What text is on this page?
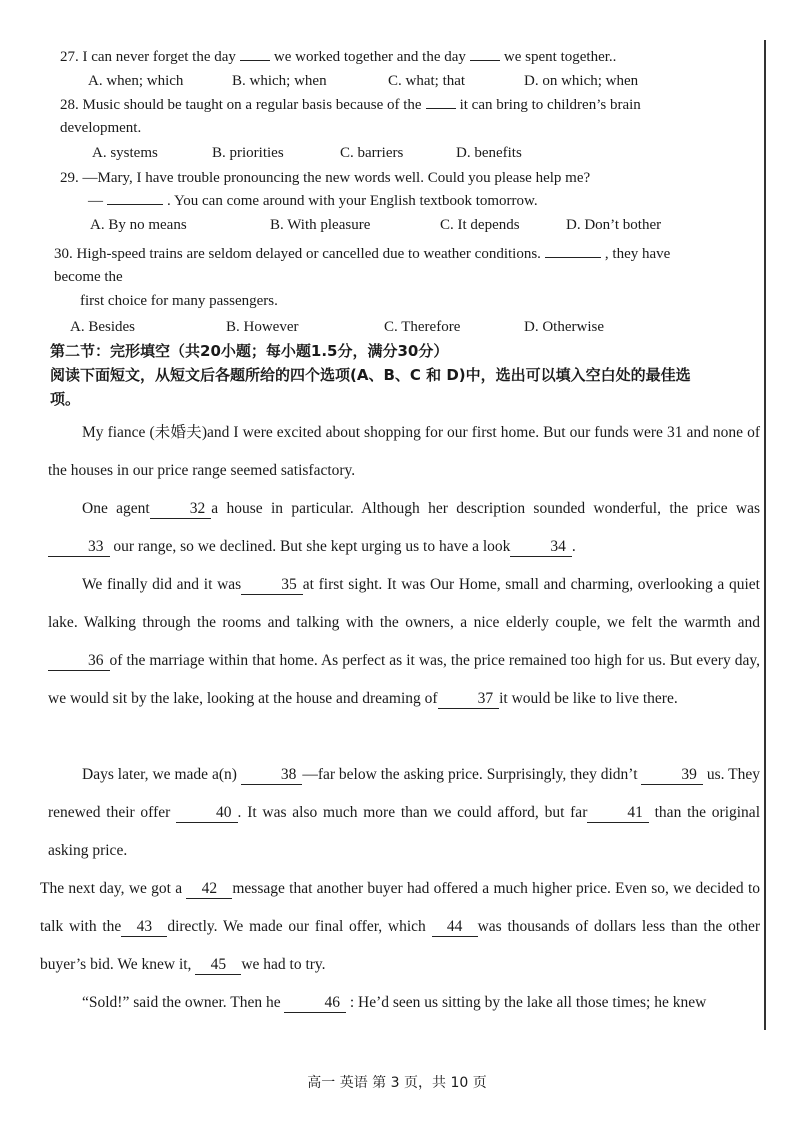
27. I can never forget the day	we worked together and the day	we spent together..
A. when; which	B. which; when	C. what; that	D. on which; when
28. Music should be taught on a regular basis because of the	it can bring to children’s brain
development.
A. systems	B. priorities	C. barriers	D. benefits
29. —Mary, I have trouble pronouncing the new words well. Could you please help me?
—	. You can come around with your English textbook tomorrow.
A. By no means	B. With pleasure	C. It depends	D. Don’t bother
30. High-speed trains are seldom delayed or cancelled due to weather conditions.	, they have
become the
first choice for many passengers.
A. Besides	B. However	C. Therefore	D. Otherwise
第二节：完形填空（共20小题；每小题1.5分，满分30分）
阅读下面短文，从短文后各题所给的四个选项(A、B、C 和 D)中，选出可以填入空白处的最佳选
项。
My fiance (未婚夫)and I were excited about shopping for our first home. But our funds were 31 and none of the houses in our price range seemed satisfactory.
One agent	32 a house in particular. Although her description sounded wonderful, the price was 33 our range, so we declined. But she kept urging us to have a look	34 .
We finally did and it was	35 at first sight. It was Our Home, small and charming, overlooking a quiet lake. Walking through the rooms and talking with the owners, a nice elderly couple, we felt the warmth and36 of the marriage within that home. As perfect as it was, the price remained too high for us. But every day, we would sit by the lake, looking at the house and dreaming of	37 it would be like to live there.
Days later, we made a(n)	38 —far below the asking price. Surprisingly, they didn’t	39 us. They renewed their offer	40 . It was also much more than we could afford, but far	41 than the original asking price.
The next day, we got a 42 message that another buyer had offered a much higher price. Even so, we decided to talk with the 43 directly. We made our final offer, which 44 was thousands of dollars less than the other buyer’s bid. We knew it, 45 we had to try.
“Sold!” said the owner. Then he	46 : He’d seen us sitting by the lake all those times; he knew
高一 英语 第 3 页，共 10 页
